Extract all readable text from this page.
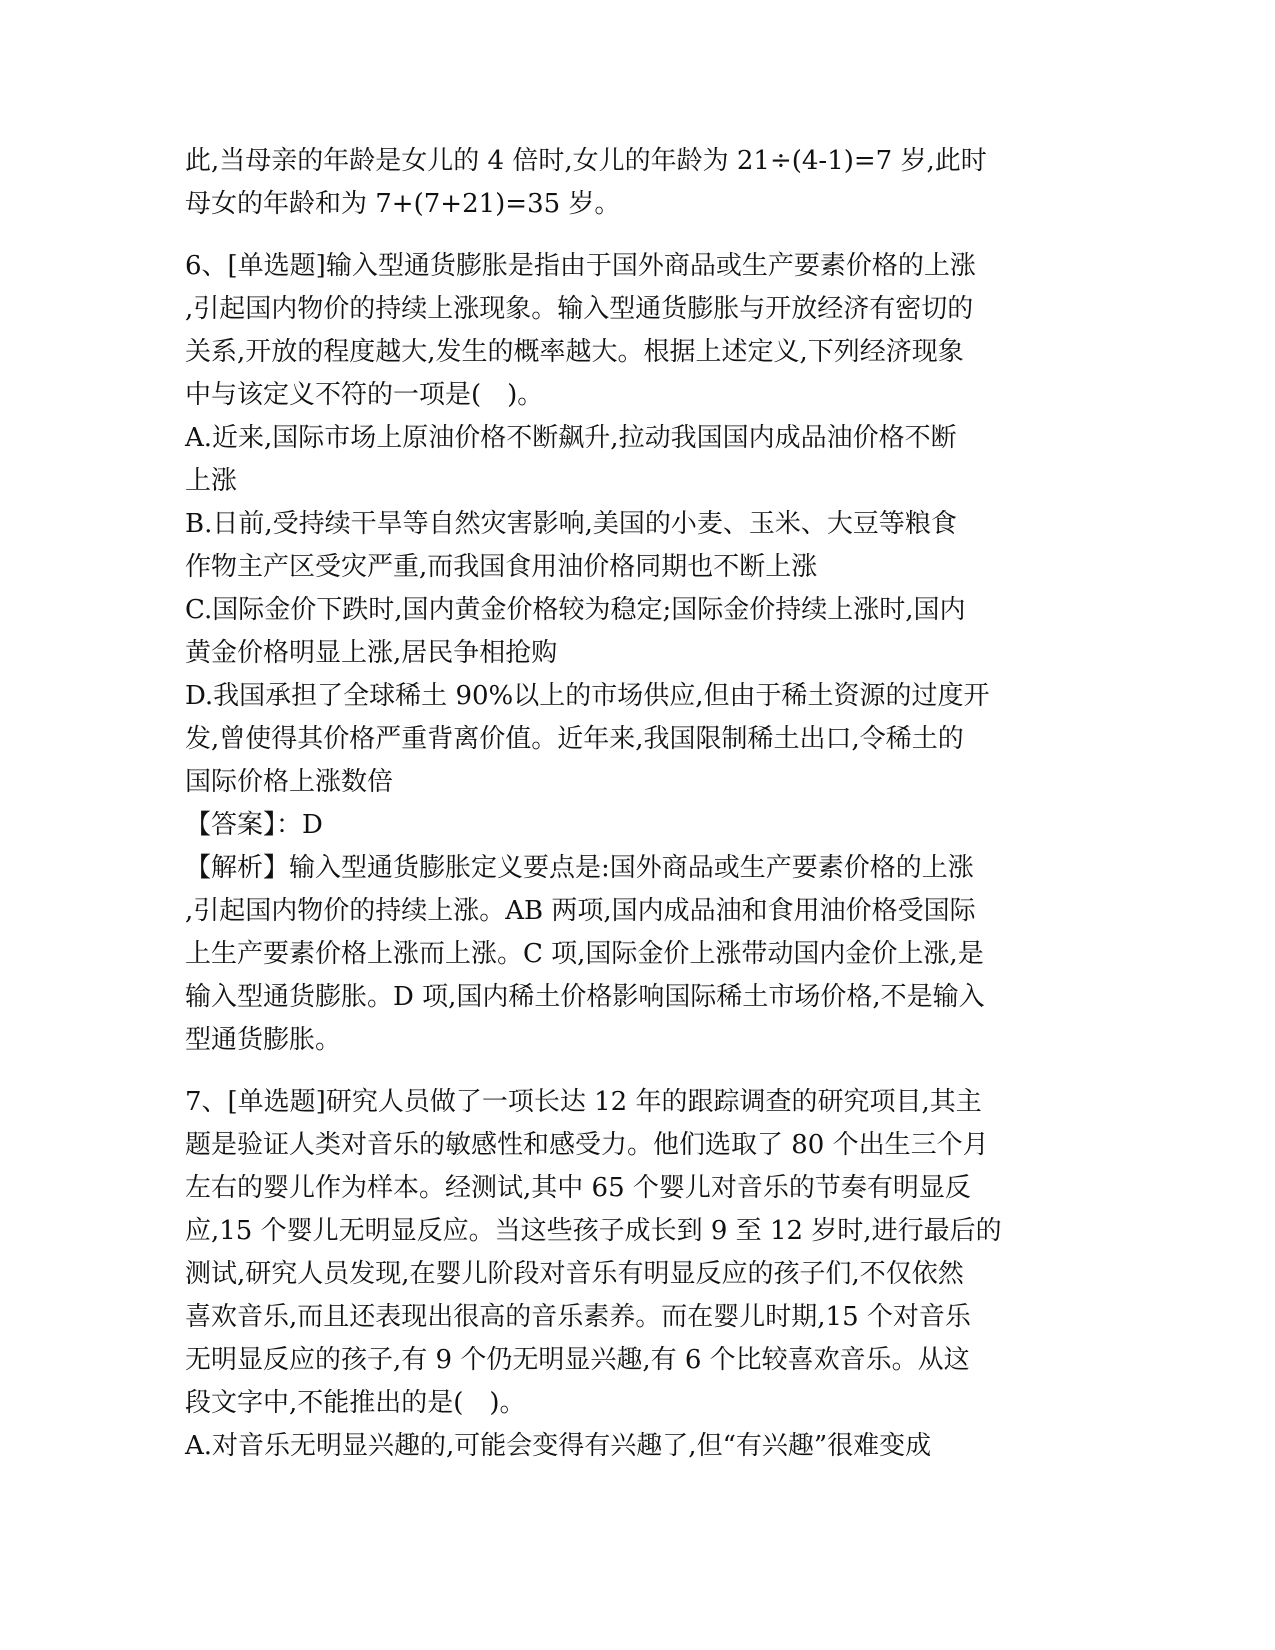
此,当母亲的年龄是女儿的 4 倍时,女儿的年龄为 21÷(4-1)=7 岁,此时
母女的年龄和为 7+(7+21)=35 岁。
6、[单选题]输入型通货膨胀是指由于国外商品或生产要素价格的上涨
,引起国内物价的持续上涨现象。输入型通货膨胀与开放经济有密切的
关系,开放的程度越大,发生的概率越大。根据上述定义,下列经济现象
中与该定义不符的一项是(　)。
A.近来,国际市场上原油价格不断飙升,拉动我国国内成品油价格不断
上涨
B.日前,受持续干旱等自然灾害影响,美国的小麦、玉米、大豆等粮食
作物主产区受灾严重,而我国食用油价格同期也不断上涨
C.国际金价下跌时,国内黄金价格较为稳定;国际金价持续上涨时,国内
黄金价格明显上涨,居民争相抢购
D.我国承担了全球稀土 90%以上的市场供应,但由于稀土资源的过度开
发,曾使得其价格严重背离价值。近年来,我国限制稀土出口,令稀土的
国际价格上涨数倍
【答案】：D
【解析】输入型通货膨胀定义要点是:国外商品或生产要素价格的上涨
,引起国内物价的持续上涨。AB 两项,国内成品油和食用油价格受国际
上生产要素价格上涨而上涨。C 项,国际金价上涨带动国内金价上涨,是
输入型通货膨胀。D 项,国内稀土价格影响国际稀土市场价格,不是输入
型通货膨胀。
7、[单选题]研究人员做了一项长达 12 年的跟踪调查的研究项目,其主
题是验证人类对音乐的敏感性和感受力。他们选取了 80 个出生三个月
左右的婴儿作为样本。经测试,其中 65 个婴儿对音乐的节奏有明显反
应,15 个婴儿无明显反应。当这些孩子成长到 9 至 12 岁时,进行最后的
测试,研究人员发现,在婴儿阶段对音乐有明显反应的孩子们,不仅依然
喜欢音乐,而且还表现出很高的音乐素养。而在婴儿时期,15 个对音乐
无明显反应的孩子,有 9 个仍无明显兴趣,有 6 个比较喜欢音乐。从这
段文字中,不能推出的是(　)。
A.对音乐无明显兴趣的,可能会变得有兴趣了,但“有兴趣”很难变成
